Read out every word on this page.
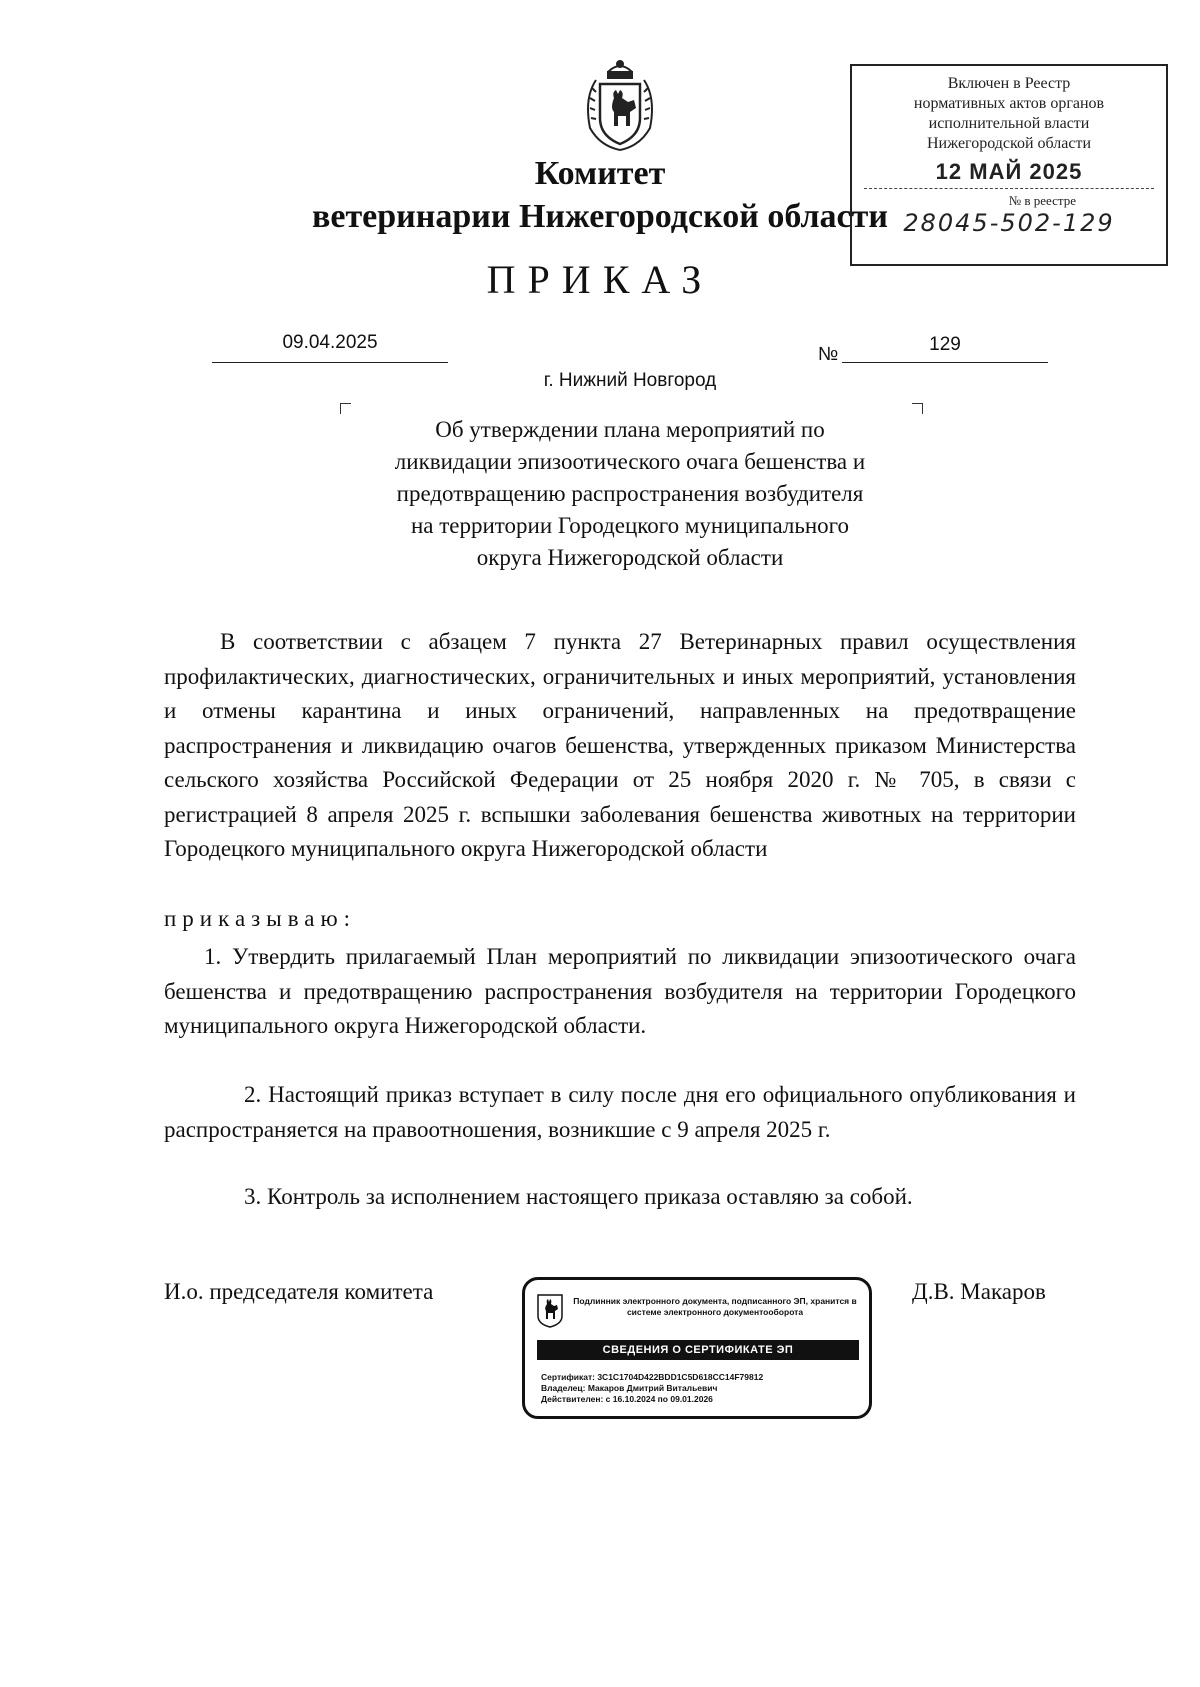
Комитет
ветеринарии Нижегородской области
ПРИКАЗ
09.04.2025
№	129
г. Нижний Новгород
Об утверждении плана мероприятий по
ликвидации эпизоотического очага бешенства и
предотвращению распространения возбудителя
на территории Городецкого муниципального
округа Нижегородской области
В соответствии с абзацем 7 пункта 27 Ветеринарных правил осуществления профилактических, диагностических, ограничительных и иных мероприятий, установления и отмены карантина и иных ограничений, направленных на предотвращение распространения и ликвидацию очагов бешенства, утвержденных приказом Министерства сельского хозяйства Российской Федерации от 25 ноября 2020 г. № 705, в связи с регистрацией 8 апреля 2025 г. вспышки заболевания бешенства животных на территории Городецкого муниципального округа Нижегородской области
приказываю:
1. Утвердить прилагаемый План мероприятий по ликвидации эпизоотического очага бешенства и предотвращению распространения возбудителя на территории Городецкого муниципального округа Нижегородской области.
2. Настоящий приказ вступает в силу после дня его официального опубликования и распространяется на правоотношения, возникшие с 9 апреля 2025 г.
3. Контроль за исполнением настоящего приказа оставляю за собой.
И.о. председателя комитета	Д.В. Макаров
Включен в Реестр
нормативных актов органов
исполнительной власти
Нижегородской области
12 МАЙ 2025
№ в реестре
28045-502-129
Подлинник электронного документа, подписанного ЭП, хранится в системе электронного документооборота
СВЕДЕНИЯ О СЕРТИФИКАТЕ ЭП
Сертификат: 3C1C1704D422BDD1C5D618CC14F79812
Владелец: Макаров Дмитрий Витальевич
Действителен: с 16.10.2024 по 09.01.2026
